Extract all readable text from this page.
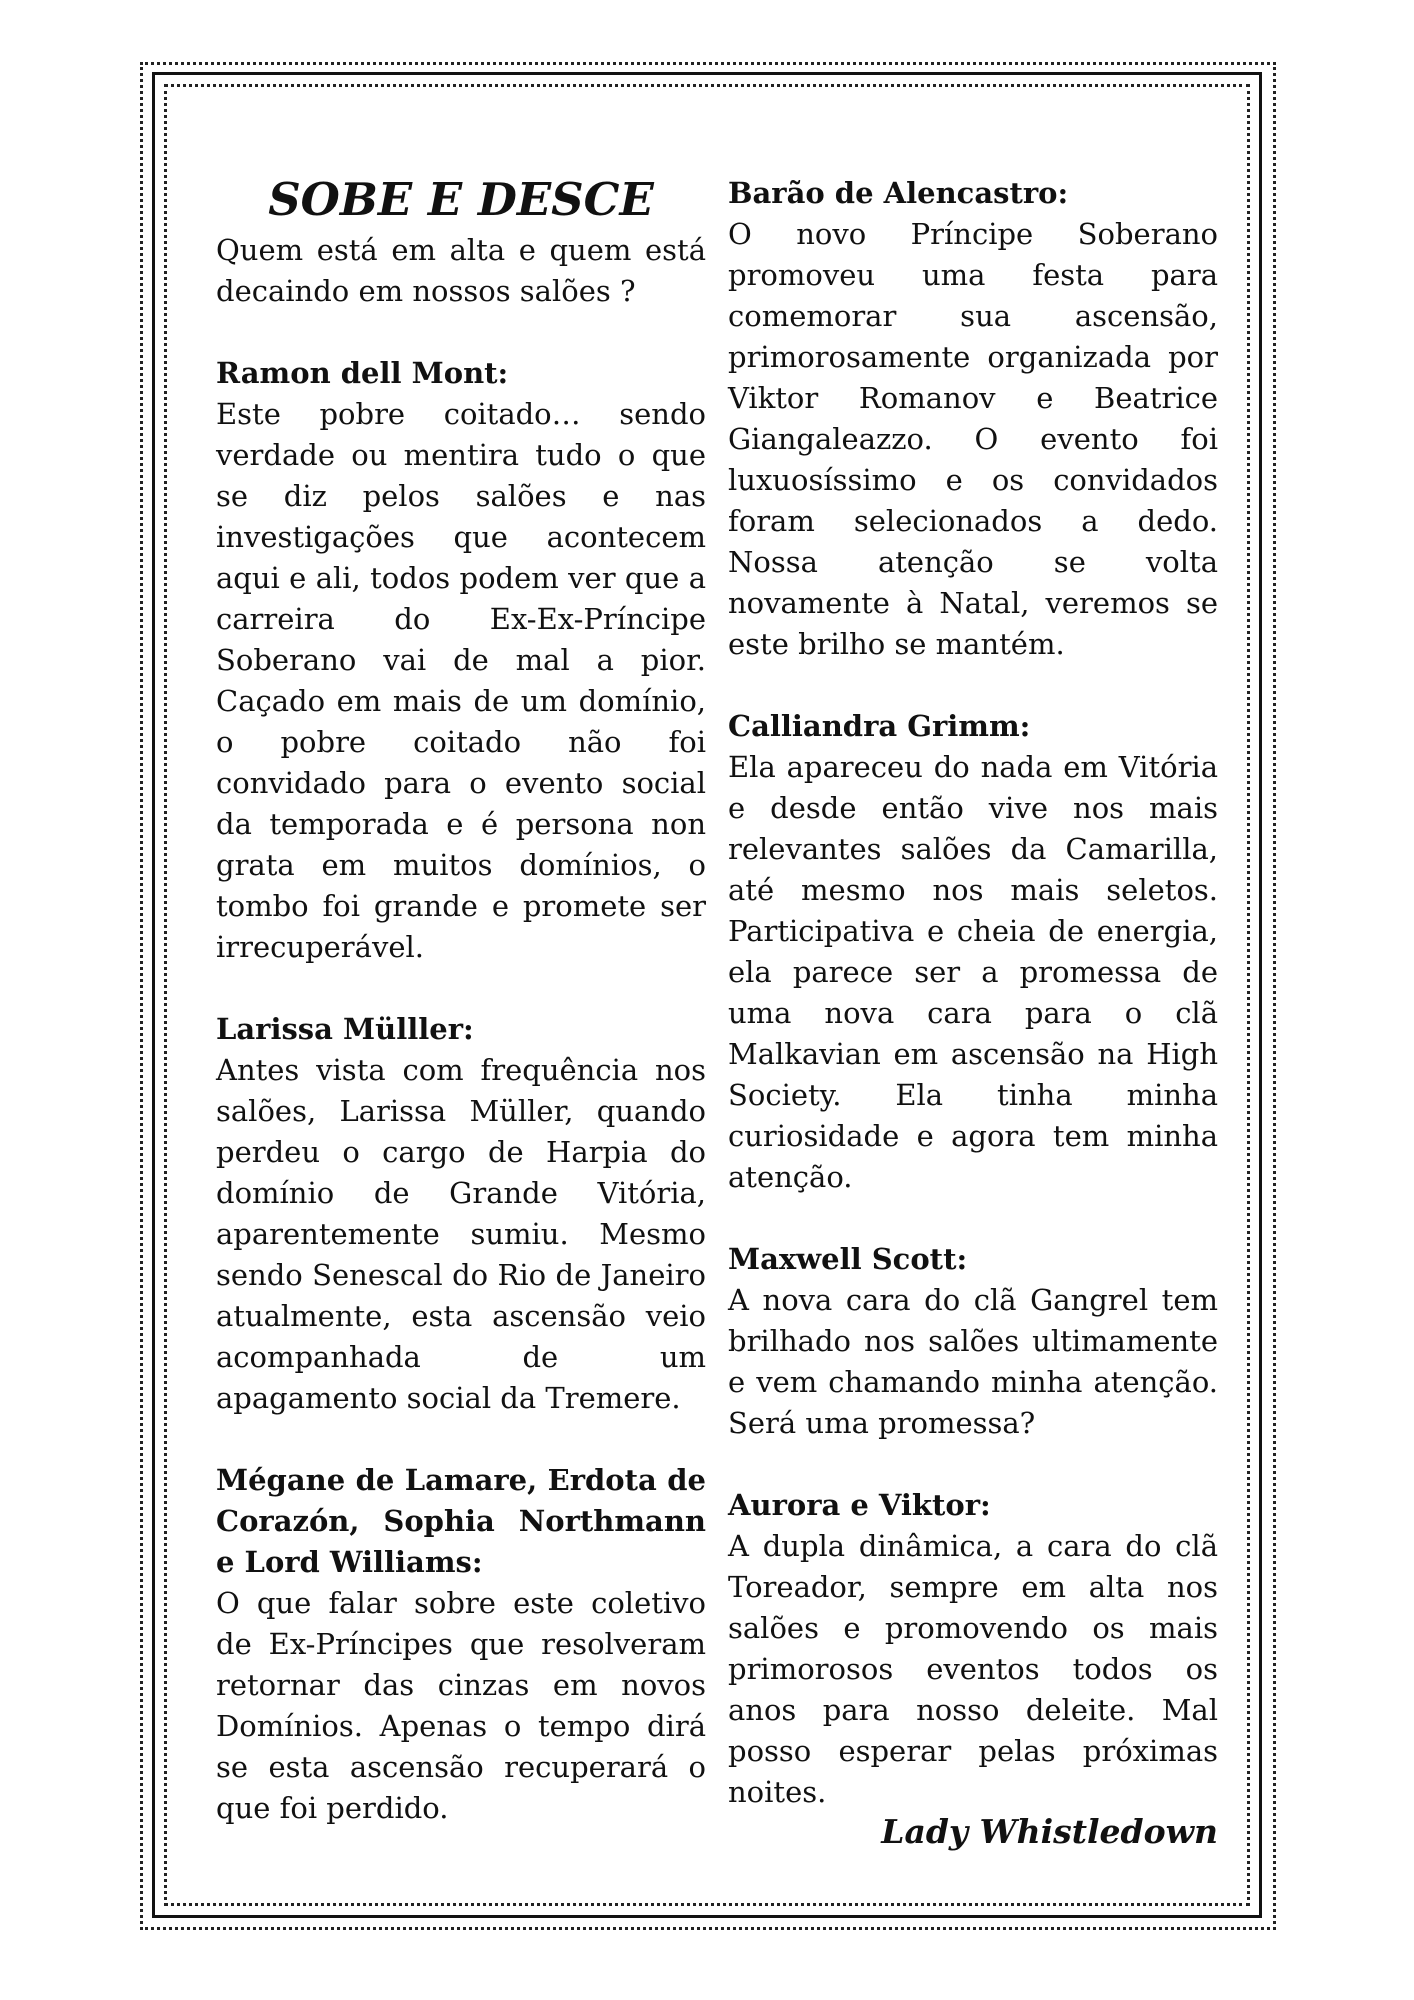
SOBE E DESCE

Quem está em alta e quem está decaindo em nossos salões ?

Ramon dell Mont:
Este pobre coitado… sendo verdade ou mentira tudo o que se diz pelos salões e nas investigações que acontecem aqui e ali, todos podem ver que a carreira do Ex-Ex-Príncipe Soberano vai de mal a pior. Caçado em mais de um domínio, o pobre coitado não foi convidado para o evento social da temporada e é persona non grata em muitos domínios, o tombo foi grande e promete ser irrecuperável.
Larissa Mülller:
Antes vista com frequência nos salões, Larissa Müller, quando perdeu o cargo de Harpia do domínio de Grande Vitória, aparentemente sumiu. Mesmo sendo Senescal do Rio de Janeiro atualmente, esta ascensão veio acompanhada de um apagamento social da Tremere.
Mégane de Lamare, Erdota de Corazón, Sophia Northmann e Lord Williams:
O que falar sobre este coletivo de Ex-Príncipes que resolveram retornar das cinzas em novos Domínios. Apenas o tempo dirá se esta ascensão recuperará o que foi perdido.
Barão de Alencastro:
O novo Príncipe Soberano promoveu uma festa para comemorar sua ascensão, primorosamente organizada por Viktor Romanov e Beatrice Giangaleazzo. O evento foi luxuosíssimo e os convidados foram selecionados a dedo. Nossa atenção se volta novamente à Natal, veremos se este brilho se mantém.
Calliandra Grimm:
Ela apareceu do nada em Vitória e desde então vive nos mais relevantes salões da Camarilla, até mesmo nos mais seletos. Participativa e cheia de energia, ela parece ser a promessa de uma nova cara para o clã Malkavian em ascensão na High Society. Ela tinha minha curiosidade e agora tem minha atenção.
Maxwell Scott:
A nova cara do clã Gangrel tem brilhado nos salões ultimamente e vem chamando minha atenção. Será uma promessa?
Aurora e Viktor:
A dupla dinâmica, a cara do clã Toreador, sempre em alta nos salões e promovendo os mais primorosos eventos todos os anos para nosso deleite. Mal posso esperar pelas próximas noites.

Lady Whistledown
